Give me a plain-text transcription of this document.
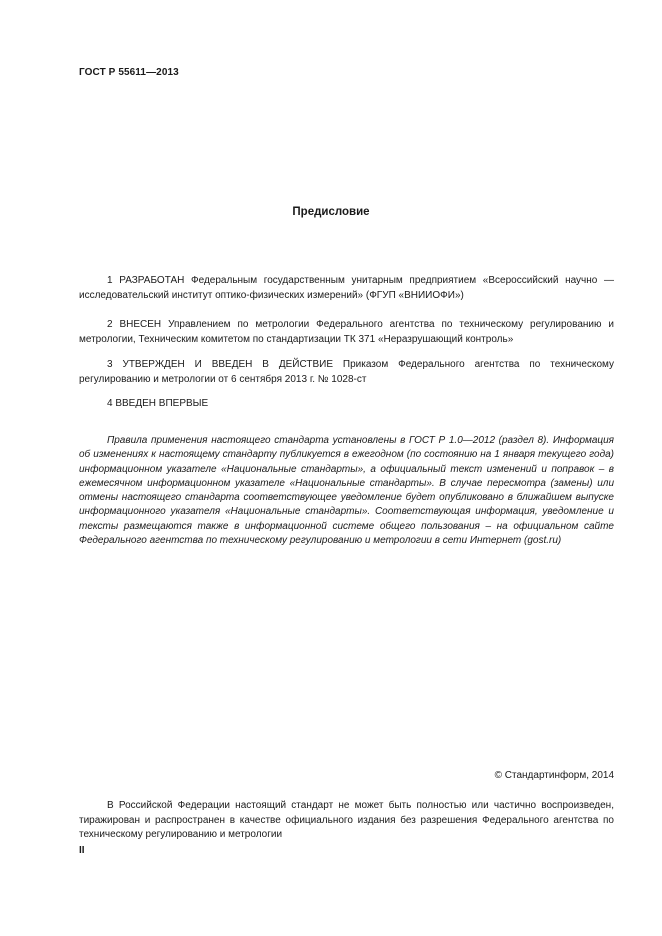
ГОСТ Р 55611—2013
Предисловие

1 РАЗРАБОТАН Федеральным государственным унитарным предприятием «Всероссийский научно — исследовательский институт оптико-физических измерений» (ФГУП «ВНИИОФИ»)

2 ВНЕСЕН Управлением по метрологии Федерального агентства по техническому регулированию и метрологии, Техническим комитетом по стандартизации ТК 371 «Неразрушающий контроль»

3 УТВЕРЖДЕН И ВВЕДЕН В ДЕЙСТВИЕ Приказом Федерального агентства по техническому регулированию и метрологии от 6 сентября 2013 г. № 1028-ст

4 ВВЕДЕН ВПЕРВЫЕ

Правила применения настоящего стандарта установлены в ГОСТ Р 1.0—2012 (раздел 8). Информация об изменениях к настоящему стандарту публикуется в ежегодном (по состоянию на 1 января текущего года) информационном указателе «Национальные стандарты», а официальный текст изменений и поправок – в ежемесячном информационном указателе «Национальные стандарты». В случае пересмотра (замены) или отмены настоящего стандарта соответствующее уведомление будет опубликовано в ближайшем выпуске информационного указателя «Национальные стандарты». Соответствующая информация, уведомление и тексты размещаются также в информационной системе общего пользования – на официальном сайте Федерального агентства по техническому регулированию и метрологии в сети Интернет (gost.ru)

© Стандартинформ, 2014

В Российской Федерации настоящий стандарт не может быть полностью или частично воспроизведен, тиражирован и распространен в качестве официального издания без разрешения Федерального агентства по техническому регулированию и метрологии

II
